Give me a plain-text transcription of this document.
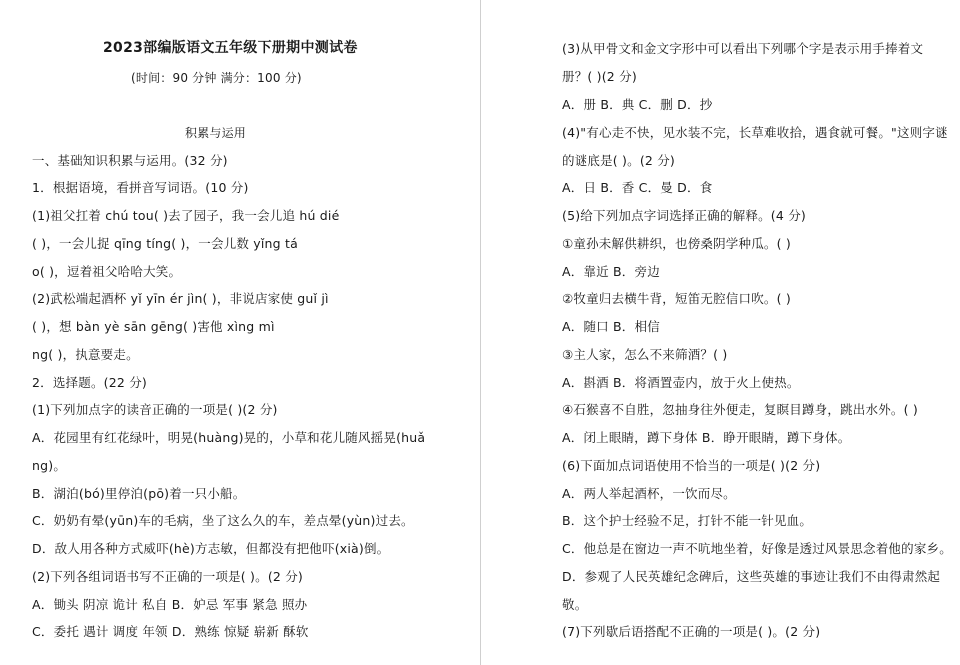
2023部编版语文五年级下册期中测试卷
(时间：90 分钟 满分：100 分)
积累与运用
一、基础知识积累与运用。(32 分)
1．根据语境，看拼音写词语。(10 分)
(1)祖父扛着 chú tou( )去了园子，我一会儿追 hú dié
( )，一会儿捉 qīng tíng( )，一会儿数 yǐng tá
o( )，逗着祖父哈哈大笑。
(2)武松端起酒杯 yǐ yīn ér jìn( )，非说店家使 guǐ jì
( )，想 bàn yè sān gēng( )害他 xìng mì
ng( )，执意要走。
2．选择题。(22 分)
(1)下列加点字的读音正确的一项是( )(2 分)
A．花园里有红花绿叶，明晃(huàng)晃的，小草和花儿随风摇晃(huǎ
ng)。
B．湖泊(bó)里停泊(pō)着一只小船。
C．奶奶有晕(yūn)车的毛病，坐了这么久的车，差点晕(yùn)过去。
D．敌人用各种方式威吓(hè)方志敏，但都没有把他吓(xià)倒。
(2)下列各组词语书写不正确的一项是( )。(2 分)
A．锄头 阴凉 诡计 私自 B．妒忌 军事 紧急 照办
C．委托 遇计 调度 年领 D．熟练 惊疑 崭新 酥软
(3)从甲骨文和金文字形中可以看出下列哪个字是表示用手捧着文
册？( )(2 分)
A．册 B．典 C．删 D．抄
(4)"有心走不快，见水装不完，长草难收拾，遇食就可餐。"这则字谜
的谜底是( )。(2 分)
A．日 B．香 C．曼 D．食
(5)给下列加点字词选择正确的解释。(4 分)
①童孙未解供耕织，也傍桑阴学种瓜。( )
A．靠近 B．旁边
②牧童归去横牛背，短笛无腔信口吹。( )
A．随口 B．相信
③主人家，怎么不来筛酒？( )
A．斟酒 B．将酒置壶内，放于火上使热。
④石猴喜不自胜，忽抽身往外便走，复瞑目蹲身，跳出水外。( )
A．闭上眼睛，蹲下身体 B．睁开眼睛，蹲下身体。
(6)下面加点词语使用不恰当的一项是( )(2 分)
A．两人举起酒杯，一饮而尽。
B．这个护士经验不足，打针不能一针见血。
C．他总是在窗边一声不吭地坐着，好像是透过风景思念着他的家乡。
D．参观了人民英雄纪念碑后，这些英雄的事迹让我们不由得肃然起
敬。
(7)下列歇后语搭配不正确的一项是( )。(2 分)
